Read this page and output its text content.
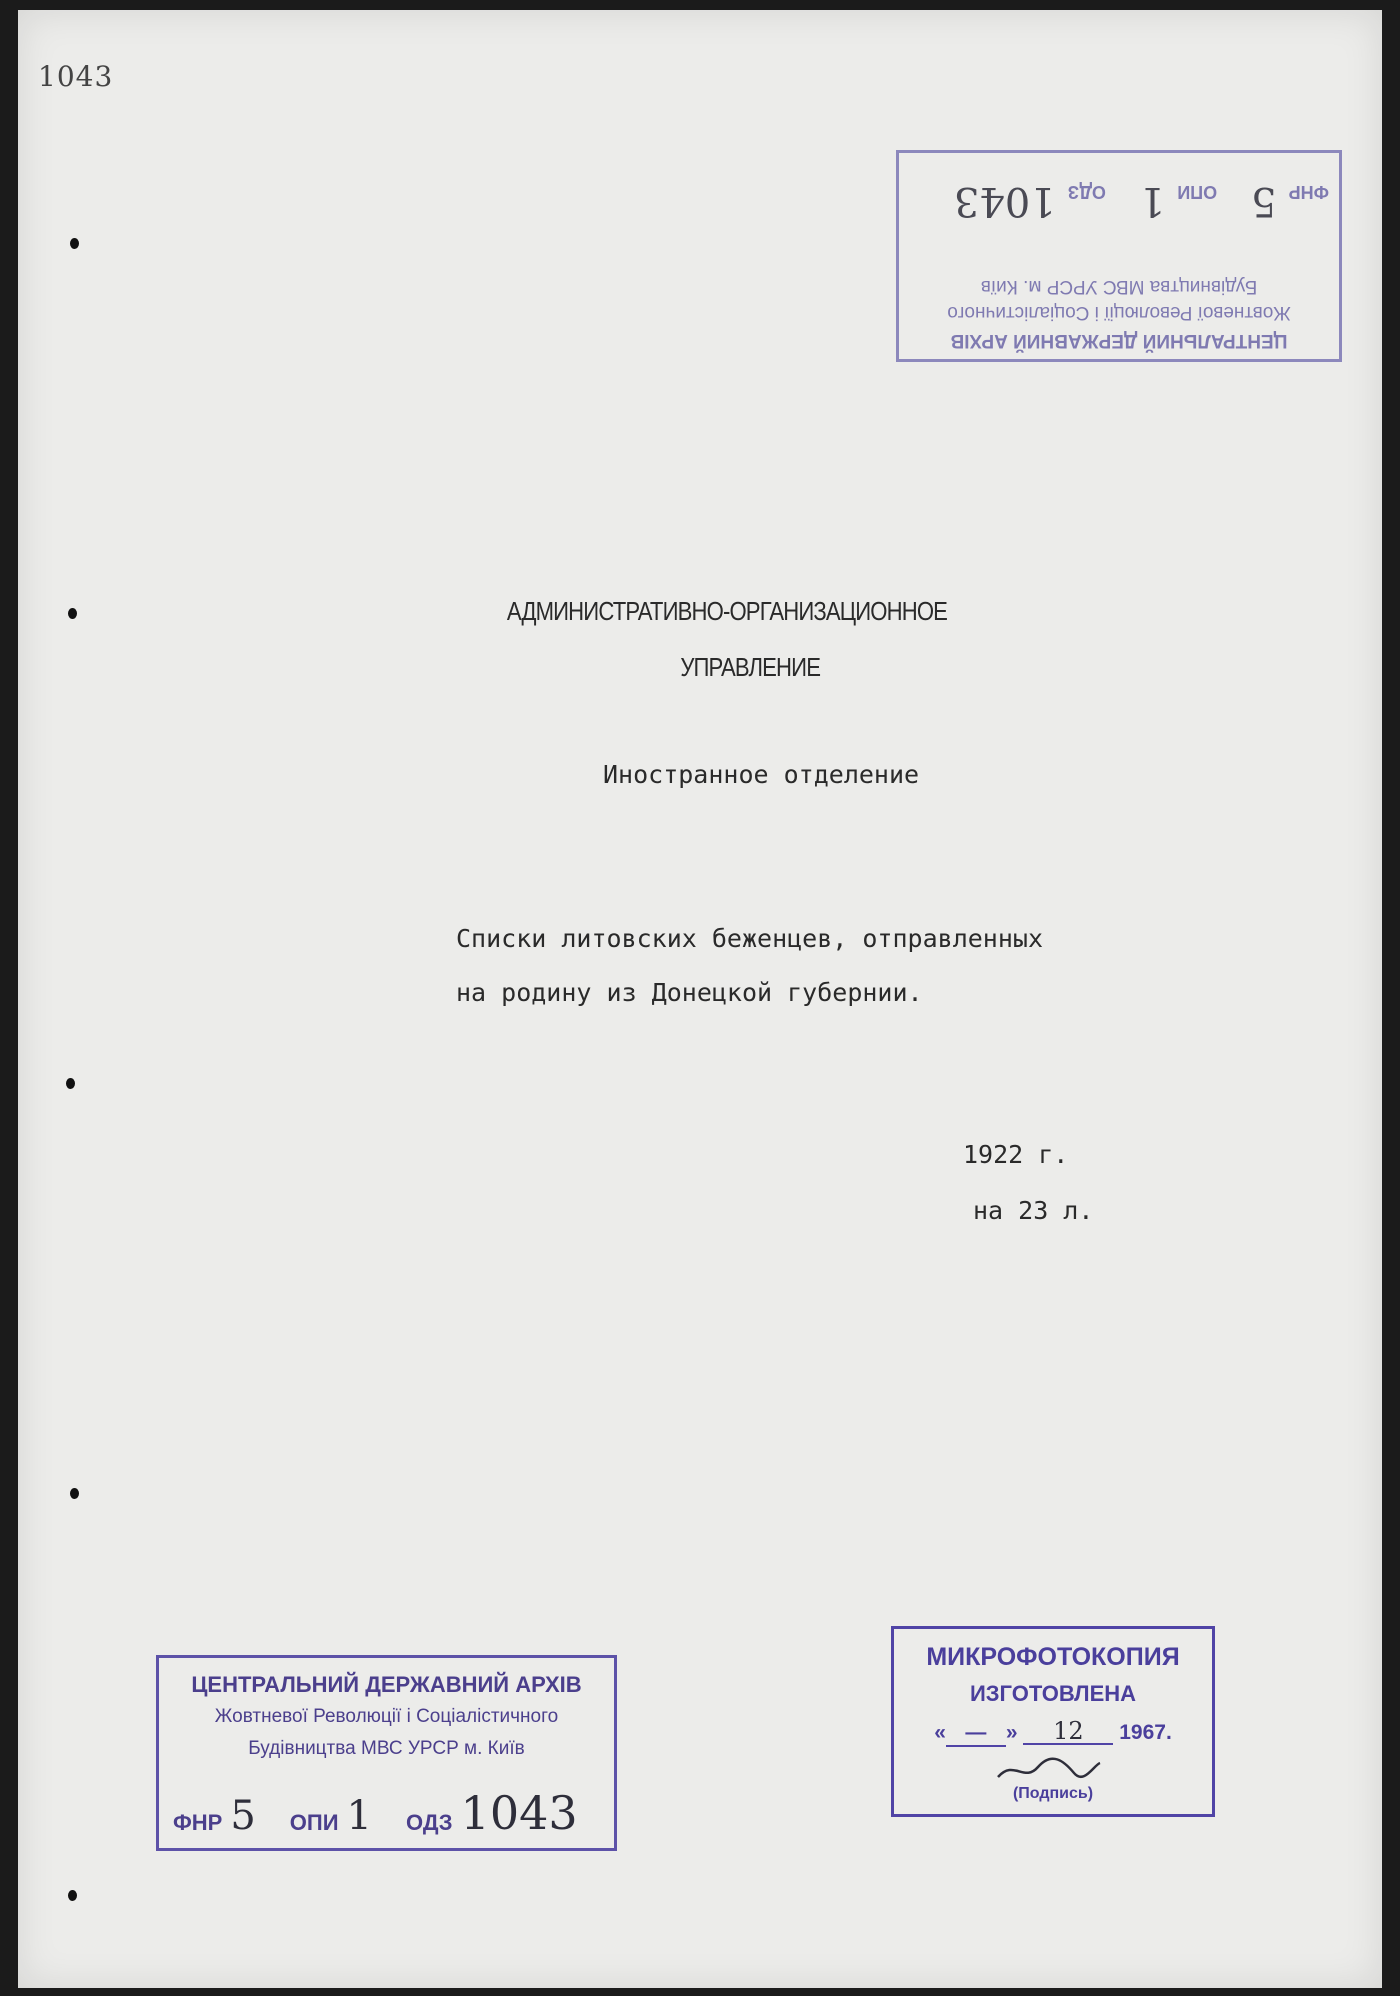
1043
ЦЕНТРАЛЬНИЙ ДЕРЖАВНИЙ АРХІВ
Жовтневої Революції і Соціалістичного
Будівництва МВС УРСР м. Київ
ФНР
5
ОПИ
1
ОДЗ
1043
АДМИНИСТРАТИВНО-ОРГАНИЗАЦИОННОЕ
УПРАВЛЕНИЕ
Иностранное отделение
Списки литовских беженцев, отправленных
на родину из Донецкой губернии.
1922 г.
на 23 л.
ЦЕНТРАЛЬНИЙ ДЕРЖАВНИЙ АРХІВ
Жовтневої Революції і Соціалістичного
Будівництва МВС УРСР м. Київ
ФНР 5 ОПИ 1 ОДЗ 1043
МИКРОФОТОКОПИЯ
ИЗГОТОВЛЕНА
« — » 12 1967.
(Подпись)
